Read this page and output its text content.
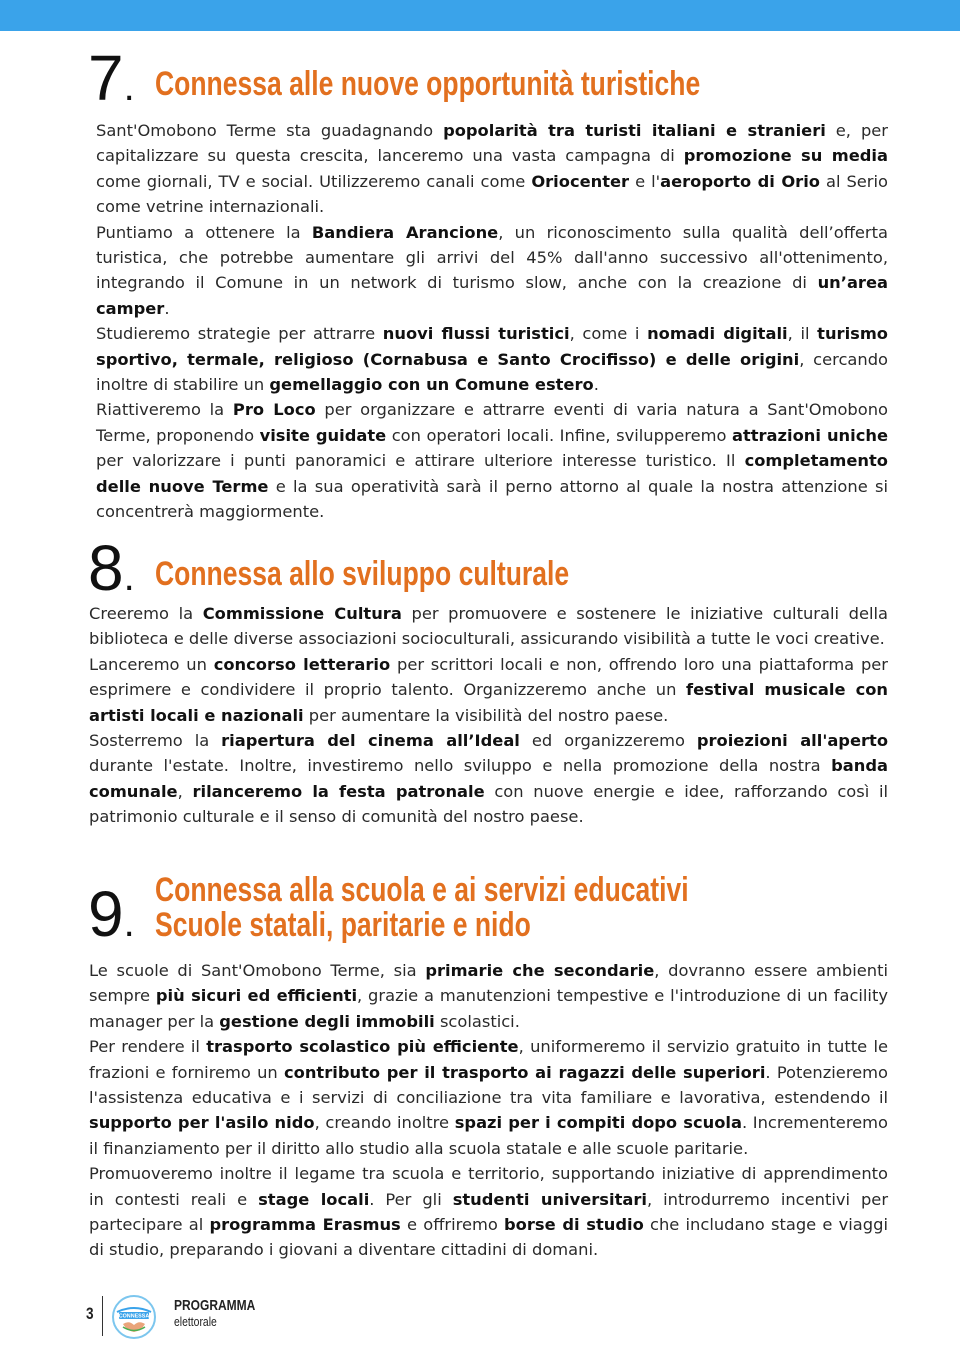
7. Connessa alle nuove opportunità turistiche

Sant'Omobono Terme sta guadagnando popolarità tra turisti italiani e stranieri e, per capitalizzare su questa crescita, lanceremo una vasta campagna di promozione su media come giornali, TV e social. Utilizzeremo canali come Oriocenter e l'aeroporto di Orio al Serio come vetrine internazionali.

Puntiamo a ottenere la Bandiera Arancione, un riconoscimento sulla qualità dell’offerta turistica, che potrebbe aumentare gli arrivi del 45% dall'anno successivo all'ottenimento, integrando il Comune in un network di turismo slow, anche con la creazione di un’area camper.

Studieremo strategie per attrarre nuovi flussi turistici, come i nomadi digitali, il turismo sportivo, termale, religioso (Cornabusa e Santo Crocifisso) e delle origini, cercando inoltre di stabilire un gemellaggio con un Comune estero.

Riattiveremo la Pro Loco per organizzare e attrarre eventi di varia natura a Sant'Omobono Terme, proponendo visite guidate con operatori locali. Infine, svilupperemo attrazioni uniche per valorizzare i punti panoramici e attirare ulteriore interesse turistico. Il completamento delle nuove Terme e la sua operatività sarà il perno attorno al quale la nostra attenzione si concentrerà maggiormente.

8. Connessa allo sviluppo culturale

Creeremo la Commissione Cultura per promuovere e sostenere le iniziative culturali della biblioteca e delle diverse associazioni socioculturali, assicurando visibilità a tutte le voci creative.

Lanceremo un concorso letterario per scrittori locali e non, offrendo loro una piattaforma per esprimere e condividere il proprio talento. Organizzeremo anche un festival musicale con artisti locali e nazionali per aumentare la visibilità del nostro paese.

Sosterremo la riapertura del cinema all’Ideal ed organizzeremo proiezioni all'aperto durante l'estate. Inoltre, investiremo nello sviluppo e nella promozione della nostra banda comunale, rilanceremo la festa patronale con nuove energie e idee, rafforzando così il patrimonio culturale e il senso di comunità del nostro paese.

9.
Connessa alla scuola e ai servizi educativi
Scuole statali, paritarie e nido

Le scuole di Sant'Omobono Terme, sia primarie che secondarie, dovranno essere ambienti sempre più sicuri ed efficienti, grazie a manutenzioni tempestive e l'introduzione di un facility manager per la gestione degli immobili scolastici.

Per rendere il trasporto scolastico più efficiente, uniformeremo il servizio gratuito in tutte le frazioni e forniremo un contributo per il trasporto ai ragazzi delle superiori. Potenzieremo l'assistenza educativa e i servizi di conciliazione tra vita familiare e lavorativa, estendendo il supporto per l'asilo nido, creando inoltre spazi per i compiti dopo scuola. Incrementeremo il finanziamento per il diritto allo studio alla scuola statale e alle scuole paritarie.

Promuoveremo inoltre il legame tra scuola e territorio, supportando iniziative di apprendimento in contesti reali e stage locali. Per gli studenti universitari, introdurremo incentivi per partecipare al programma Erasmus e offriremo borse di studio che includano stage e viaggi di studio, preparando i giovani a diventare cittadini di domani.

3	CONNESSA
PROGRAMMA
elettorale
